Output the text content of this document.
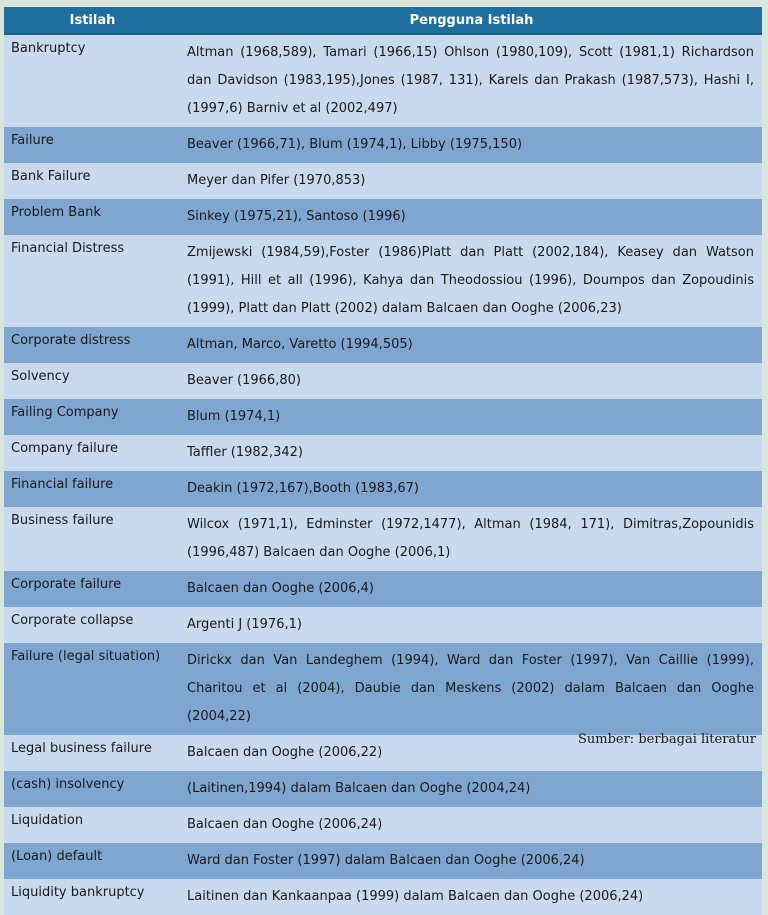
Istilah	Pengguna Istilah
Bankruptcy	Altman (1968,589), Tamari (1966,15) Ohlson (1980,109), Scott (1981,1) Richardson dan Davidson (1983,195),Jones (1987, 131), Karels dan Prakash (1987,573), Hashi I, (1997,6) Barniv et al (2002,497)
Failure	Beaver (1966,71), Blum (1974,1), Libby (1975,150)
Bank Failure	Meyer dan Pifer (1970,853)
Problem Bank	Sinkey (1975,21), Santoso (1996)
Financial Distress	Zmijewski (1984,59),Foster (1986)Platt dan Platt (2002,184), Keasey dan Watson (1991), Hill et all (1996), Kahya dan Theodossiou (1996), Doumpos dan Zopoudinis (1999), Platt dan Platt (2002) dalam Balcaen dan Ooghe (2006,23)
Corporate distress	Altman, Marco, Varetto (1994,505)
Solvency	Beaver (1966,80)
Failing Company	Blum (1974,1)
Company failure	Taffler (1982,342)
Financial failure	Deakin (1972,167),Booth (1983,67)
Business failure	Wilcox (1971,1), Edminster (1972,1477), Altman (1984, 171), Dimitras,Zopounidis (1996,487) Balcaen dan Ooghe (2006,1)
Corporate failure	Balcaen dan Ooghe (2006,4)
Corporate collapse	Argenti J (1976,1)
Failure (legal situation)	Dirickx dan Van Landeghem (1994), Ward dan Foster (1997), Van Caillie (1999), Charitou et al (2004), Daubie dan Meskens (2002) dalam Balcaen dan Ooghe (2004,22)
Legal business failure	Balcaen dan Ooghe (2006,22)
(cash) insolvency	(Laitinen,1994) dalam Balcaen dan Ooghe (2004,24)
Liquidation	Balcaen dan Ooghe (2006,24)
(Loan) default	Ward dan Foster (1997) dalam Balcaen dan Ooghe (2006,24)
Liquidity bankruptcy	Laitinen dan Kankaanpaa (1999) dalam Balcaen dan Ooghe (2006,24)
Sumber: berbagai literatur
